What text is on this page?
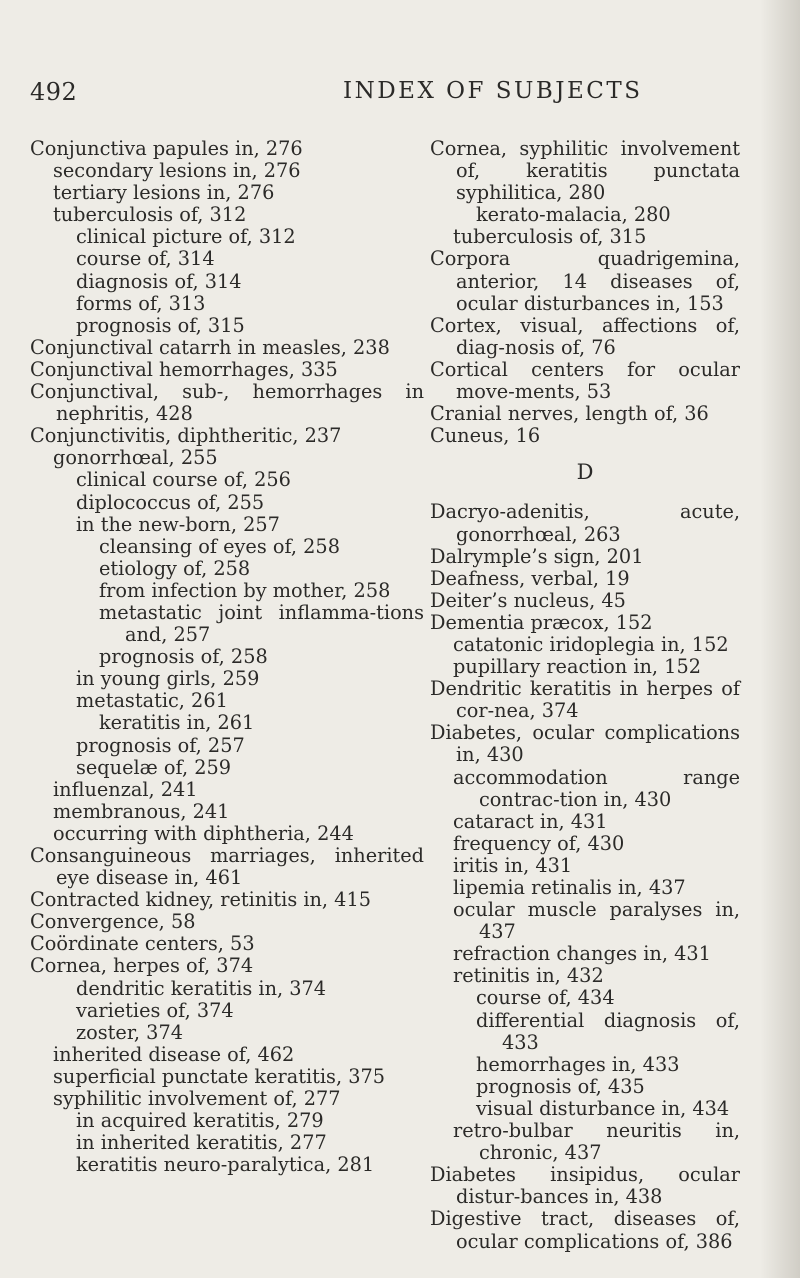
492	INDEX OF SUBJECTS

Conjunctiva papules in, 276

secondary lesions in, 276

tertiary lesions in, 276

tuberculosis of, 312

clinical picture of, 312

course of, 314

diagnosis of, 314

forms of, 313

prognosis of, 315

Conjunctival catarrh in measles, 238

Conjunctival hemorrhages, 335

Conjunctival, sub-, hemorrhages in nephritis, 428

Conjunctivitis, diphtheritic, 237

gonorrhœal, 255

clinical course of, 256

diplococcus of, 255

in the new-born, 257

cleansing of eyes of, 258

etiology of, 258

from infection by mother, 258

metastatic joint inflamma-tions and, 257

prognosis of, 258

in young girls, 259

metastatic, 261

keratitis in, 261

prognosis of, 257

sequelæ of, 259

influenzal, 241

membranous, 241

occurring with diphtheria, 244

Consanguineous marriages, inherited eye disease in, 461

Contracted kidney, retinitis in, 415

Convergence, 58

Coördinate centers, 53

Cornea, herpes of, 374

dendritic keratitis in, 374

varieties of, 374

zoster, 374

inherited disease of, 462

superficial punctate keratitis, 375

syphilitic involvement of, 277

in acquired keratitis, 279

in inherited keratitis, 277

keratitis neuro-paralytica, 281

Cornea, syphilitic involvement of, keratitis punctata syphilitica, 280

kerato-malacia, 280

tuberculosis of, 315

Corpora quadrigemina, anterior, 14 diseases of, ocular disturbances in, 153

Cortex, visual, affections of, diag-nosis of, 76

Cortical centers for ocular move-ments, 53

Cranial nerves, length of, 36

Cuneus, 16

D

Dacryo-adenitis, acute, gonorrhœal, 263

Dalrymple’s sign, 201

Deafness, verbal, 19

Deiter’s nucleus, 45

Dementia præcox, 152

catatonic iridoplegia in, 152

pupillary reaction in, 152

Dendritic keratitis in herpes of cor-nea, 374

Diabetes, ocular complications in, 430

accommodation range contrac-tion in, 430

cataract in, 431

frequency of, 430

iritis in, 431

lipemia retinalis in, 437

ocular muscle paralyses in, 437

refraction changes in, 431

retinitis in, 432

course of, 434

differential diagnosis of, 433

hemorrhages in, 433

prognosis of, 435

visual disturbance in, 434

retro-bulbar neuritis in, chronic, 437

Diabetes insipidus, ocular distur-bances in, 438

Digestive tract, diseases of, ocular complications of, 386
